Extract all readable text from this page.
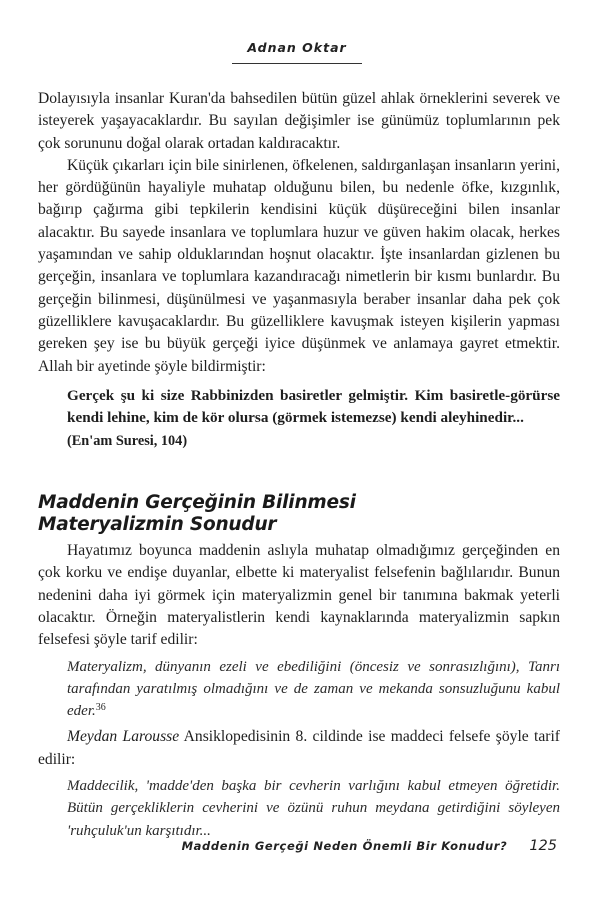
Adnan Oktar

Dolayısıyla insanlar Kuran'da bahsedilen bütün güzel ahlak örneklerini severek ve isteyerek yaşayacaklardır. Bu sayılan değişimler ise günümüz toplumlarının pek çok sorununu doğal olarak ortadan kaldıracaktır.

Küçük çıkarları için bile sinirlenen, öfkelenen, saldırganlaşan insanların yerini, her gördüğünün hayaliyle muhatap olduğunu bilen, bu nedenle öfke, kızgınlık, bağırıp çağırma gibi tepkilerin kendisini küçük düşüreceğini bilen insanlar alacaktır. Bu sayede insanlara ve toplumlara huzur ve güven hakim olacak, herkes yaşamından ve sahip olduklarından hoşnut olacaktır. İşte insanlardan gizlenen bu gerçeğin, insanlara ve toplumlara kazandıracağı nimetlerin bir kısmı bunlardır. Bu gerçeğin bilinmesi, düşünülmesi ve yaşanmasıyla beraber insanlar daha pek çok güzelliklere kavuşacaklardır. Bu güzelliklere kavuşmak isteyen kişilerin yapması gereken şey ise bu büyük gerçeği iyice düşünmek ve anlamaya gayret etmektir. Allah bir ayetinde şöyle bildirmiştir:

Gerçek şu ki size Rabbinizden basiretler gelmiştir. Kim basiretle-görürse kendi lehine, kim de kör olursa (görmek istemezse) kendi aleyhinedir...
(En'am Suresi, 104)
Maddenin Gerçeğinin Bilinmesi
Materyalizmin Sonudur

Hayatımız boyunca maddenin aslıyla muhatap olmadığımız gerçeğinden en çok korku ve endişe duyanlar, elbette ki materyalist felsefenin bağlılarıdır. Bunun nedenini daha iyi görmek için materyalizmin genel bir tanımına bakmak yeterli olacaktır. Örneğin materyalistlerin kendi kaynaklarında materyalizmin sapkın felsefesi şöyle tarif edilir:

Materyalizm, dünyanın ezeli ve ebediliğini (öncesiz ve sonrasızlığını), Tanrı tarafından yaratılmış olmadığını ve de zaman ve mekanda sonsuzluğunu kabul eder.$^{36}$

Meydan Larousse Ansiklopedisinin 8. cildinde ise maddeci felsefe şöyle tarif edilir:

Maddecilik, 'madde'den başka bir cevherin varlığını kabul etmeyen öğretidir. Bütün gerçekliklerin cevherini ve özünü ruhun meydana getirdiğini söyleyen 'ruhçuluk'un karşıtıdır...
Maddenin Gerçeği Neden Önemli Bir Konudur? 125
